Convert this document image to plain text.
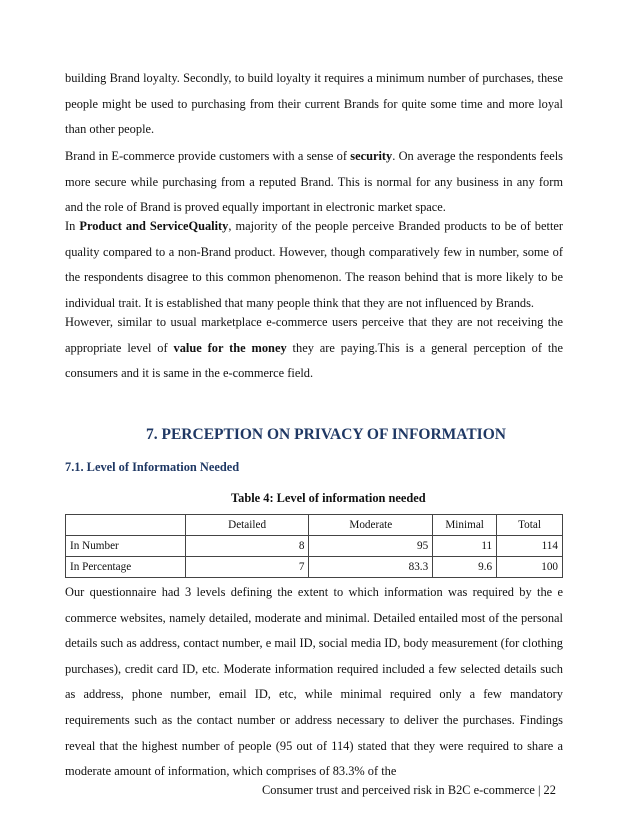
building Brand loyalty. Secondly, to build loyalty it requires a minimum number of purchases, these people might be used to purchasing from their current Brands for quite some time and more loyal than other people.

Brand in E-commerce provide customers with a sense of security. On average the respondents feels more secure while purchasing from a reputed Brand. This is normal for any business in any form and the role of Brand is proved equally important in electronic market space.

In Product and ServiceQuality, majority of the people perceive Branded products to be of better quality compared to a non-Brand product. However, though comparatively few in number, some of the respondents disagree to this common phenomenon. The reason behind that is more likely to be individual trait. It is established that many people think that they are not influenced by Brands.

However, similar to usual marketplace e-commerce users perceive that they are not receiving the appropriate level of value for the money they are paying.This is a general perception of the consumers and it is same in the e-commerce field.

7. PERCEPTION ON PRIVACY OF INFORMATION
7.1. Level of Information Needed

Table 4: Level of information needed

	Detailed	Moderate	Minimal	Total
In Number	8	95	11	114
In Percentage	7	83.3	9.6	100

Our questionnaire had 3 levels defining the extent to which information was required by the e commerce websites, namely detailed, moderate and minimal. Detailed entailed most of the personal details such as address, contact number, e mail ID, social media ID, body measurement (for clothing purchases), credit card ID, etc. Moderate information required included a few selected details such as address, phone number, email ID, etc, while minimal required only a few mandatory requirements such as the contact number or address necessary to deliver the purchases. Findings reveal that the highest number of people (95 out of 114) stated that they were required to share a moderate amount of information, which comprises of 83.3% of the

Consumer trust and perceived risk in B2C e-commerce | 22
